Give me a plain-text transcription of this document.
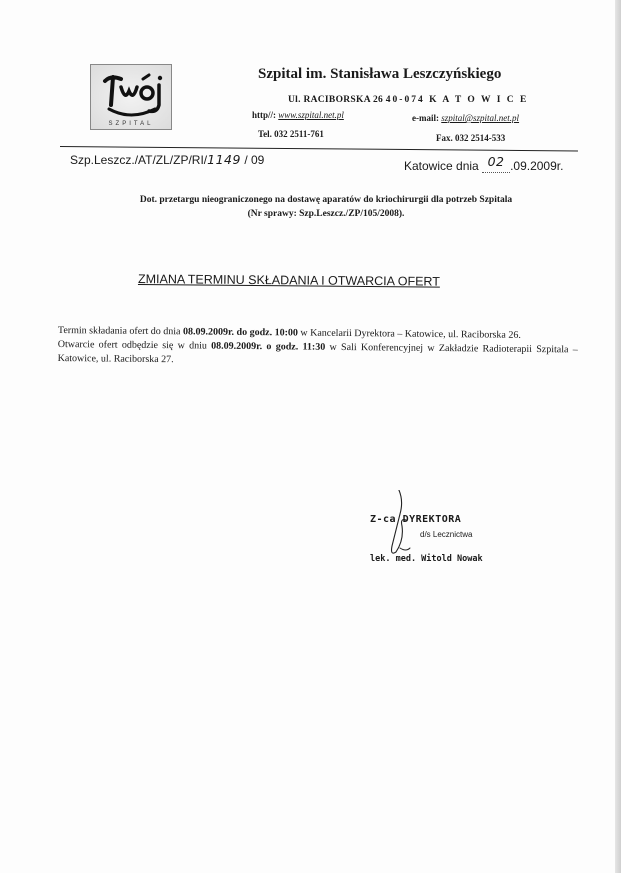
SZPITAL
Szpital im. Stanisława Leszczyńskiego
Ul. RACIBORSKA 26 40-074 K A T O W I C E
http//: www.szpital.net.pl	e-mail: szpital@szpital.net.pl
Tel. 032 2511-761	Fax. 032 2514-533
Szp.Leszcz./AT/ZL/ZP/RI/1149 / 09	Katowice dnia 02 .09.2009r.
Dot. przetargu nieograniczonego na dostawę aparatów do kriochirurgii dla potrzeb Szpitala
(Nr sprawy: Szp.Leszcz./ZP/105/2008).
ZMIANA TERMINU SKŁADANIA I OTWARCIA OFERT

Termin składania ofert do dnia 08.09.2009r. do godz. 10:00 w Kancelarii Dyrektora – Katowice, ul. Raciborska 26.

Otwarcie ofert odbędzie się w dniu 08.09.2009r. o godz. 11:30 w Sali Konferencyjnej w Zakładzie Radioterapii Szpitala – Katowice, ul. Raciborska 27.

Z-ca DYREKTORA
d/s Lecznictwa
lek. med. Witold Nowak
